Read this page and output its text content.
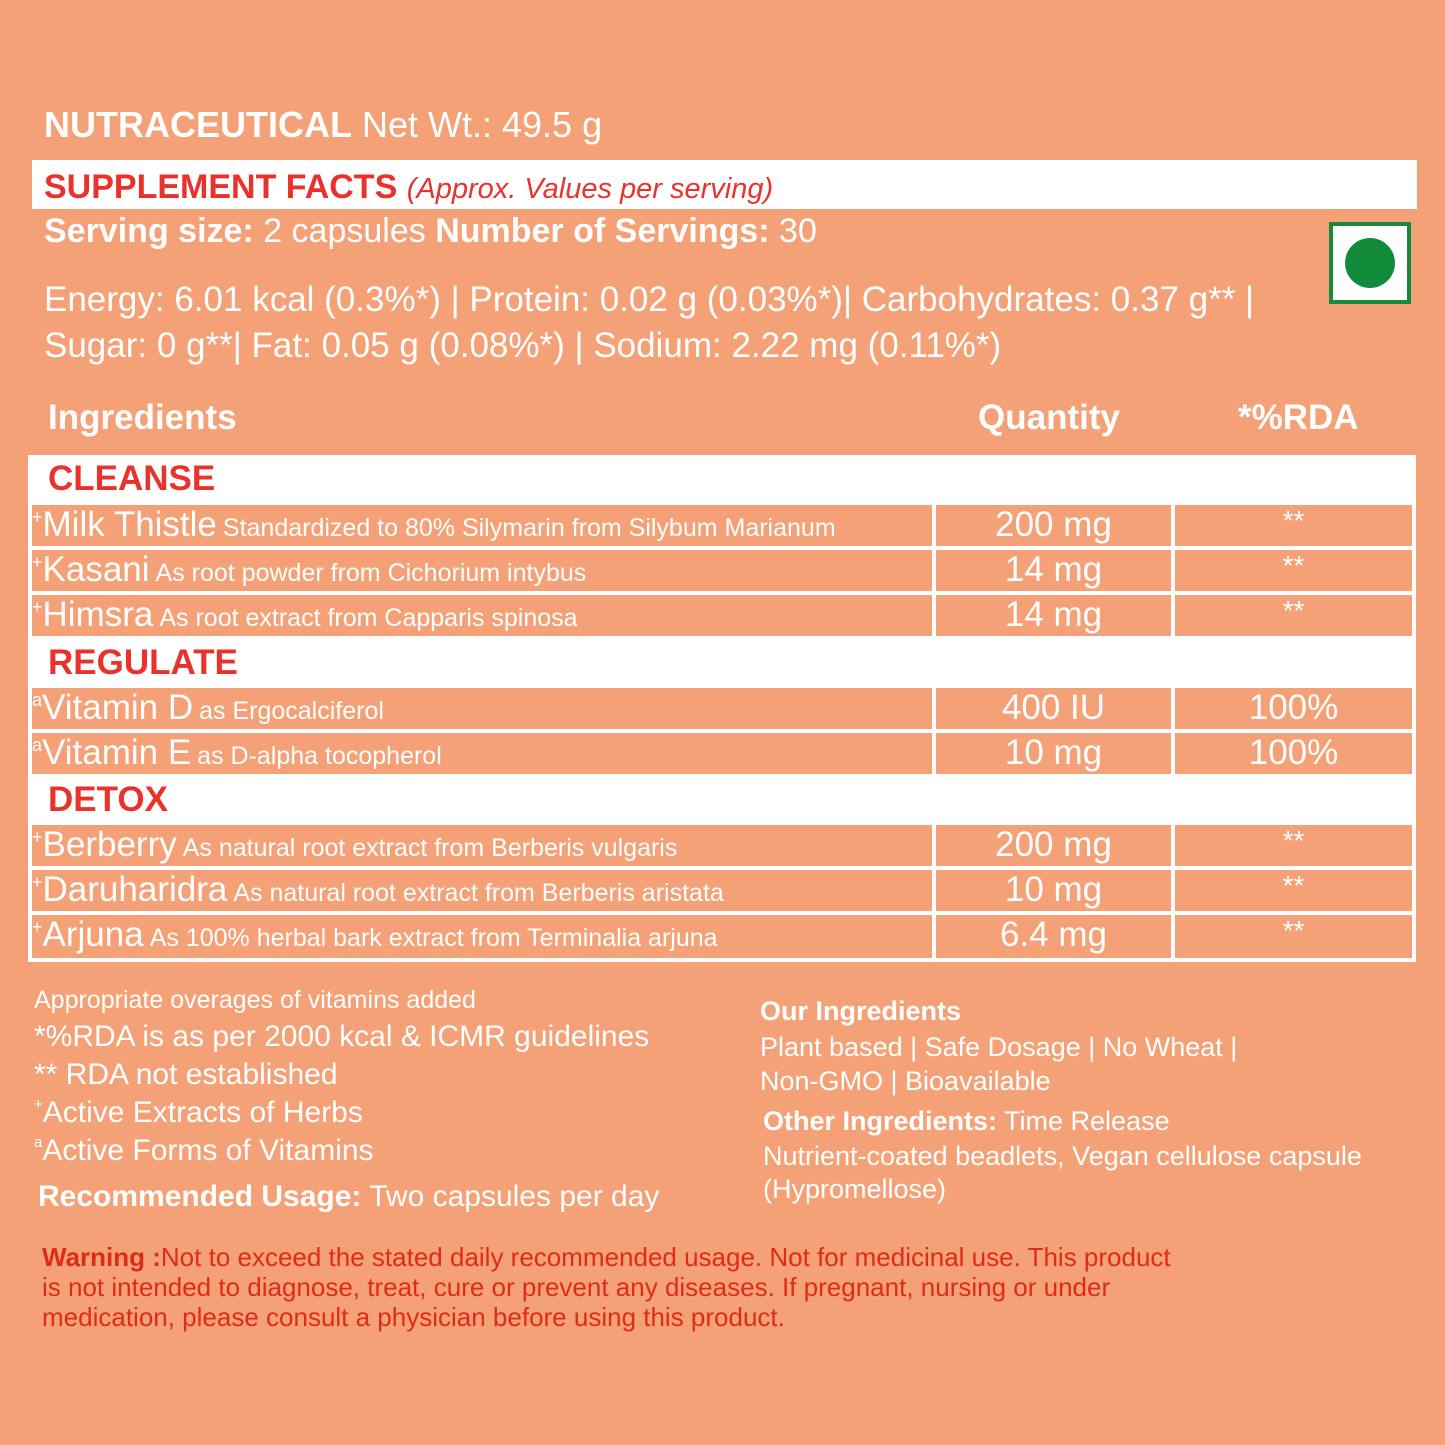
NUTRACEUTICAL Net Wt.: 49.5 g
SUPPLEMENT FACTS (Approx. Values per serving)
Serving size: 2 capsules Number of Servings: 30
Energy: 6.01 kcal (0.3%*) | Protein: 0.02 g (0.03%*)| Carbohydrates: 0.37 g** |
Sugar: 0 g**| Fat: 0.05 g (0.08%*) | Sodium: 2.22 mg (0.11%*)
Ingredients	Quantity	*%RDA
CLEANSE
+Milk Thistle Standardized to 80% Silymarin from Silybum Marianum	200 mg	**
+Kasani As root powder from Cichorium intybus	14 mg	**
+Himsra As root extract from Capparis spinosa	14 mg	**
REGULATE
$^a$Vitamin D as Ergocalciferol	400 IU	100%
$^a$Vitamin E as D-alpha tocopherol	10 mg	100%
DETOX
+Berberry As natural root extract from Berberis vulgaris	200 mg	**
+Daruharidra As natural root extract from Berberis aristata	10 mg	**
+Arjuna As 100% herbal bark extract from Terminalia arjuna	6.4 mg	**
Appropriate overages of vitamins added
*%RDA is as per 2000 kcal & ICMR guidelines
** RDA not established
+Active Extracts of Herbs
$^a$Active Forms of Vitamins
Recommended Usage: Two capsules per day
Our Ingredients
Plant based | Safe Dosage | No Wheat |
Non-GMO | Bioavailable
Other Ingredients: Time Release
Nutrient-coated beadlets, Vegan cellulose capsule
(Hypromellose)
Warning :Not to exceed the stated daily recommended usage. Not for medicinal use. This product
is not intended to diagnose, treat, cure or prevent any diseases. If pregnant, nursing or under
medication, please consult a physician before using this product.
